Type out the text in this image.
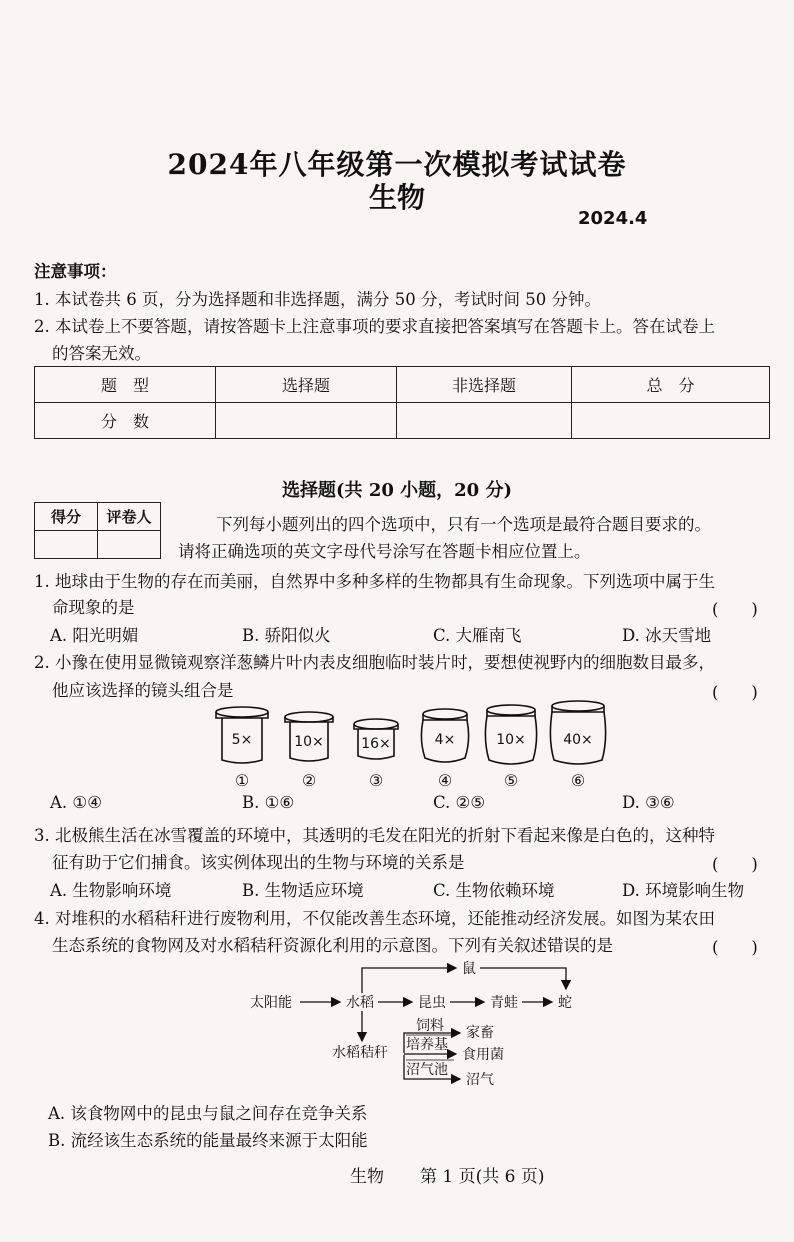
2024年八年级第一次模拟考试试卷
生物
2024.4
注意事项：
1. 本试卷共 6 页，分为选择题和非选择题，满分 50 分，考试时间 50 分钟。
2. 本试卷上不要答题，请按答题卡上注意事项的要求直接把答案填写在答题卡上。答在试卷上
的答案无效。
题　型	选择题	非选择题	总　分
分　数			
选择题(共 20 小题，20 分)
得分	评卷人
		下列每小题列出的四个选项中，只有一个选项是最符合题目要求的。
请将正确选项的英文字母代号涂写在答题卡相应位置上。
1. 地球由于生物的存在而美丽，自然界中多种多样的生物都具有生命现象。下列选项中属于生
命现象的是	(　　)
A. 阳光明媚	B. 骄阳似火	C. 大雁南飞	D. 冰天雪地
2. 小豫在使用显微镜观察洋葱鳞片叶内表皮细胞临时装片时，要想使视野内的细胞数目最多，
他应该选择的镜头组合是	(　　)
5×	10×	16×	4×	10×	40×
①	②	③	④	⑤	⑥
A. ①④	B. ①⑥	C. ②⑤	D. ③⑥
3. 北极熊生活在冰雪覆盖的环境中，其透明的毛发在阳光的折射下看起来像是白色的，这种特
征有助于它们捕食。该实例体现出的生物与环境的关系是	(　　)
A. 生物影响环境	B. 生物适应环境	C. 生物依赖环境	D. 环境影响生物
4. 对堆积的水稻秸秆进行废物利用，不仅能改善生态环境，还能推动经济发展。如图为某农田
生态系统的食物网及对水稻秸秆资源化利用的示意图。下列有关叙述错误的是	(　　)
太阳能	水稻	昆虫	青蛙	蛇
鼠
水稻秸秆
饲料
培养基
沼气池
家畜
食用菌
沼气
A. 该食物网中的昆虫与鼠之间存在竞争关系
B. 流经该生态系统的能量最终来源于太阳能
生物 第 1 页(共 6 页)
